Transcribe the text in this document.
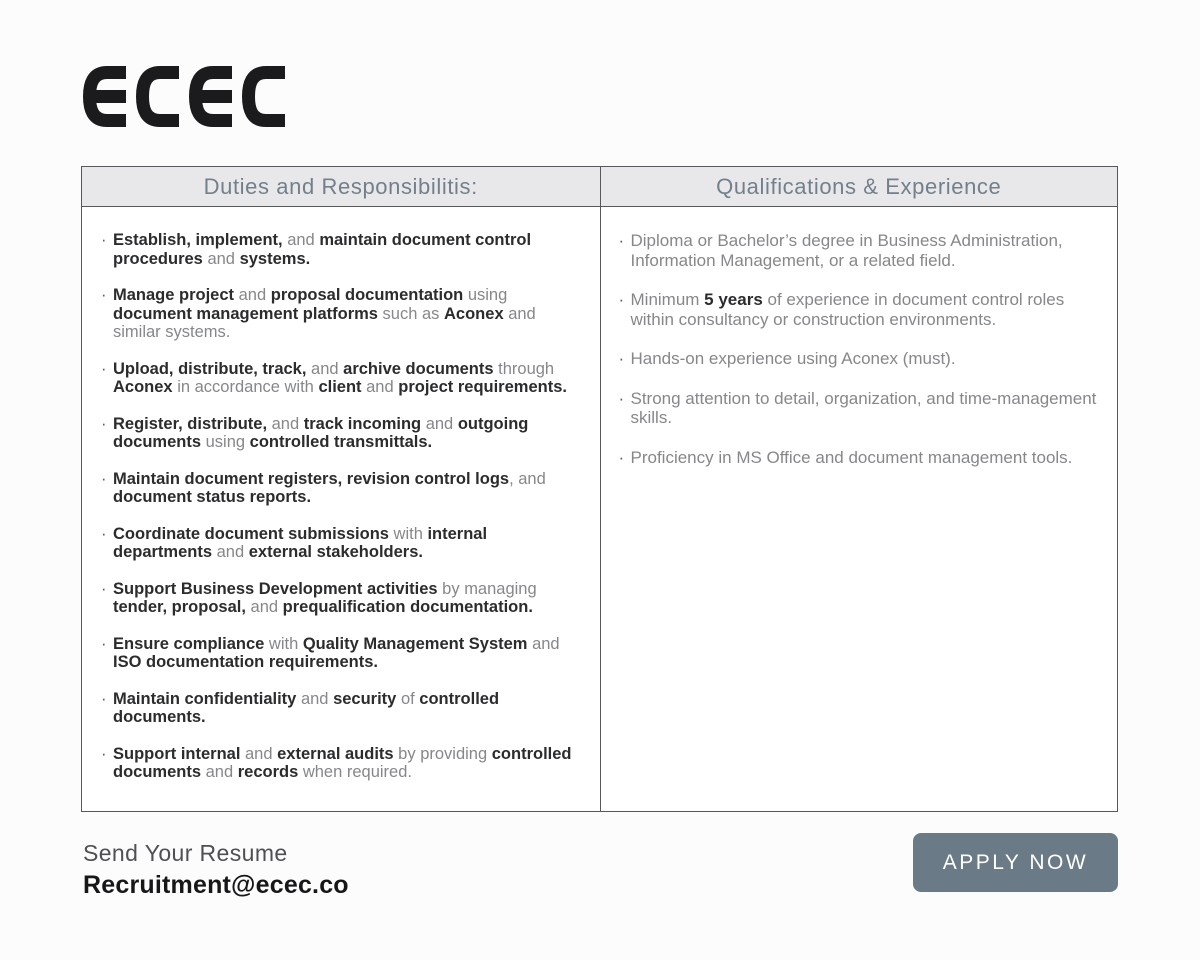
Duties and Responsibilitis:
· Establish, implement, and maintain document control procedures and systems.
· Manage project and proposal documentation using document management platforms such as Aconex and similar systems.
· Upload, distribute, track, and archive documents through Aconex in accordance with client and project requirements.
· Register, distribute, and track incoming and outgoing documents using controlled transmittals.
· Maintain document registers, revision control logs, and document status reports.
· Coordinate document submissions with internal departments and external stakeholders.
· Support Business Development activities by managing tender, proposal, and prequalification documentation.
· Ensure compliance with Quality Management System and ISO documentation requirements.
· Maintain confidentiality and security of controlled documents.
· Support internal and external audits by providing controlled documents and records when required.
Qualifications & Experience
· Diploma or Bachelor’s degree in Business Administration, Information Management, or a related field.
· Minimum 5 years of experience in document control roles within consultancy or construction environments.
· Hands-on experience using Aconex (must).
· Strong attention to detail, organization, and time-management skills.
· Proficiency in MS Office and document management tools.
Send Your Resume
Recruitment@ecec.co
APPLY NOW
